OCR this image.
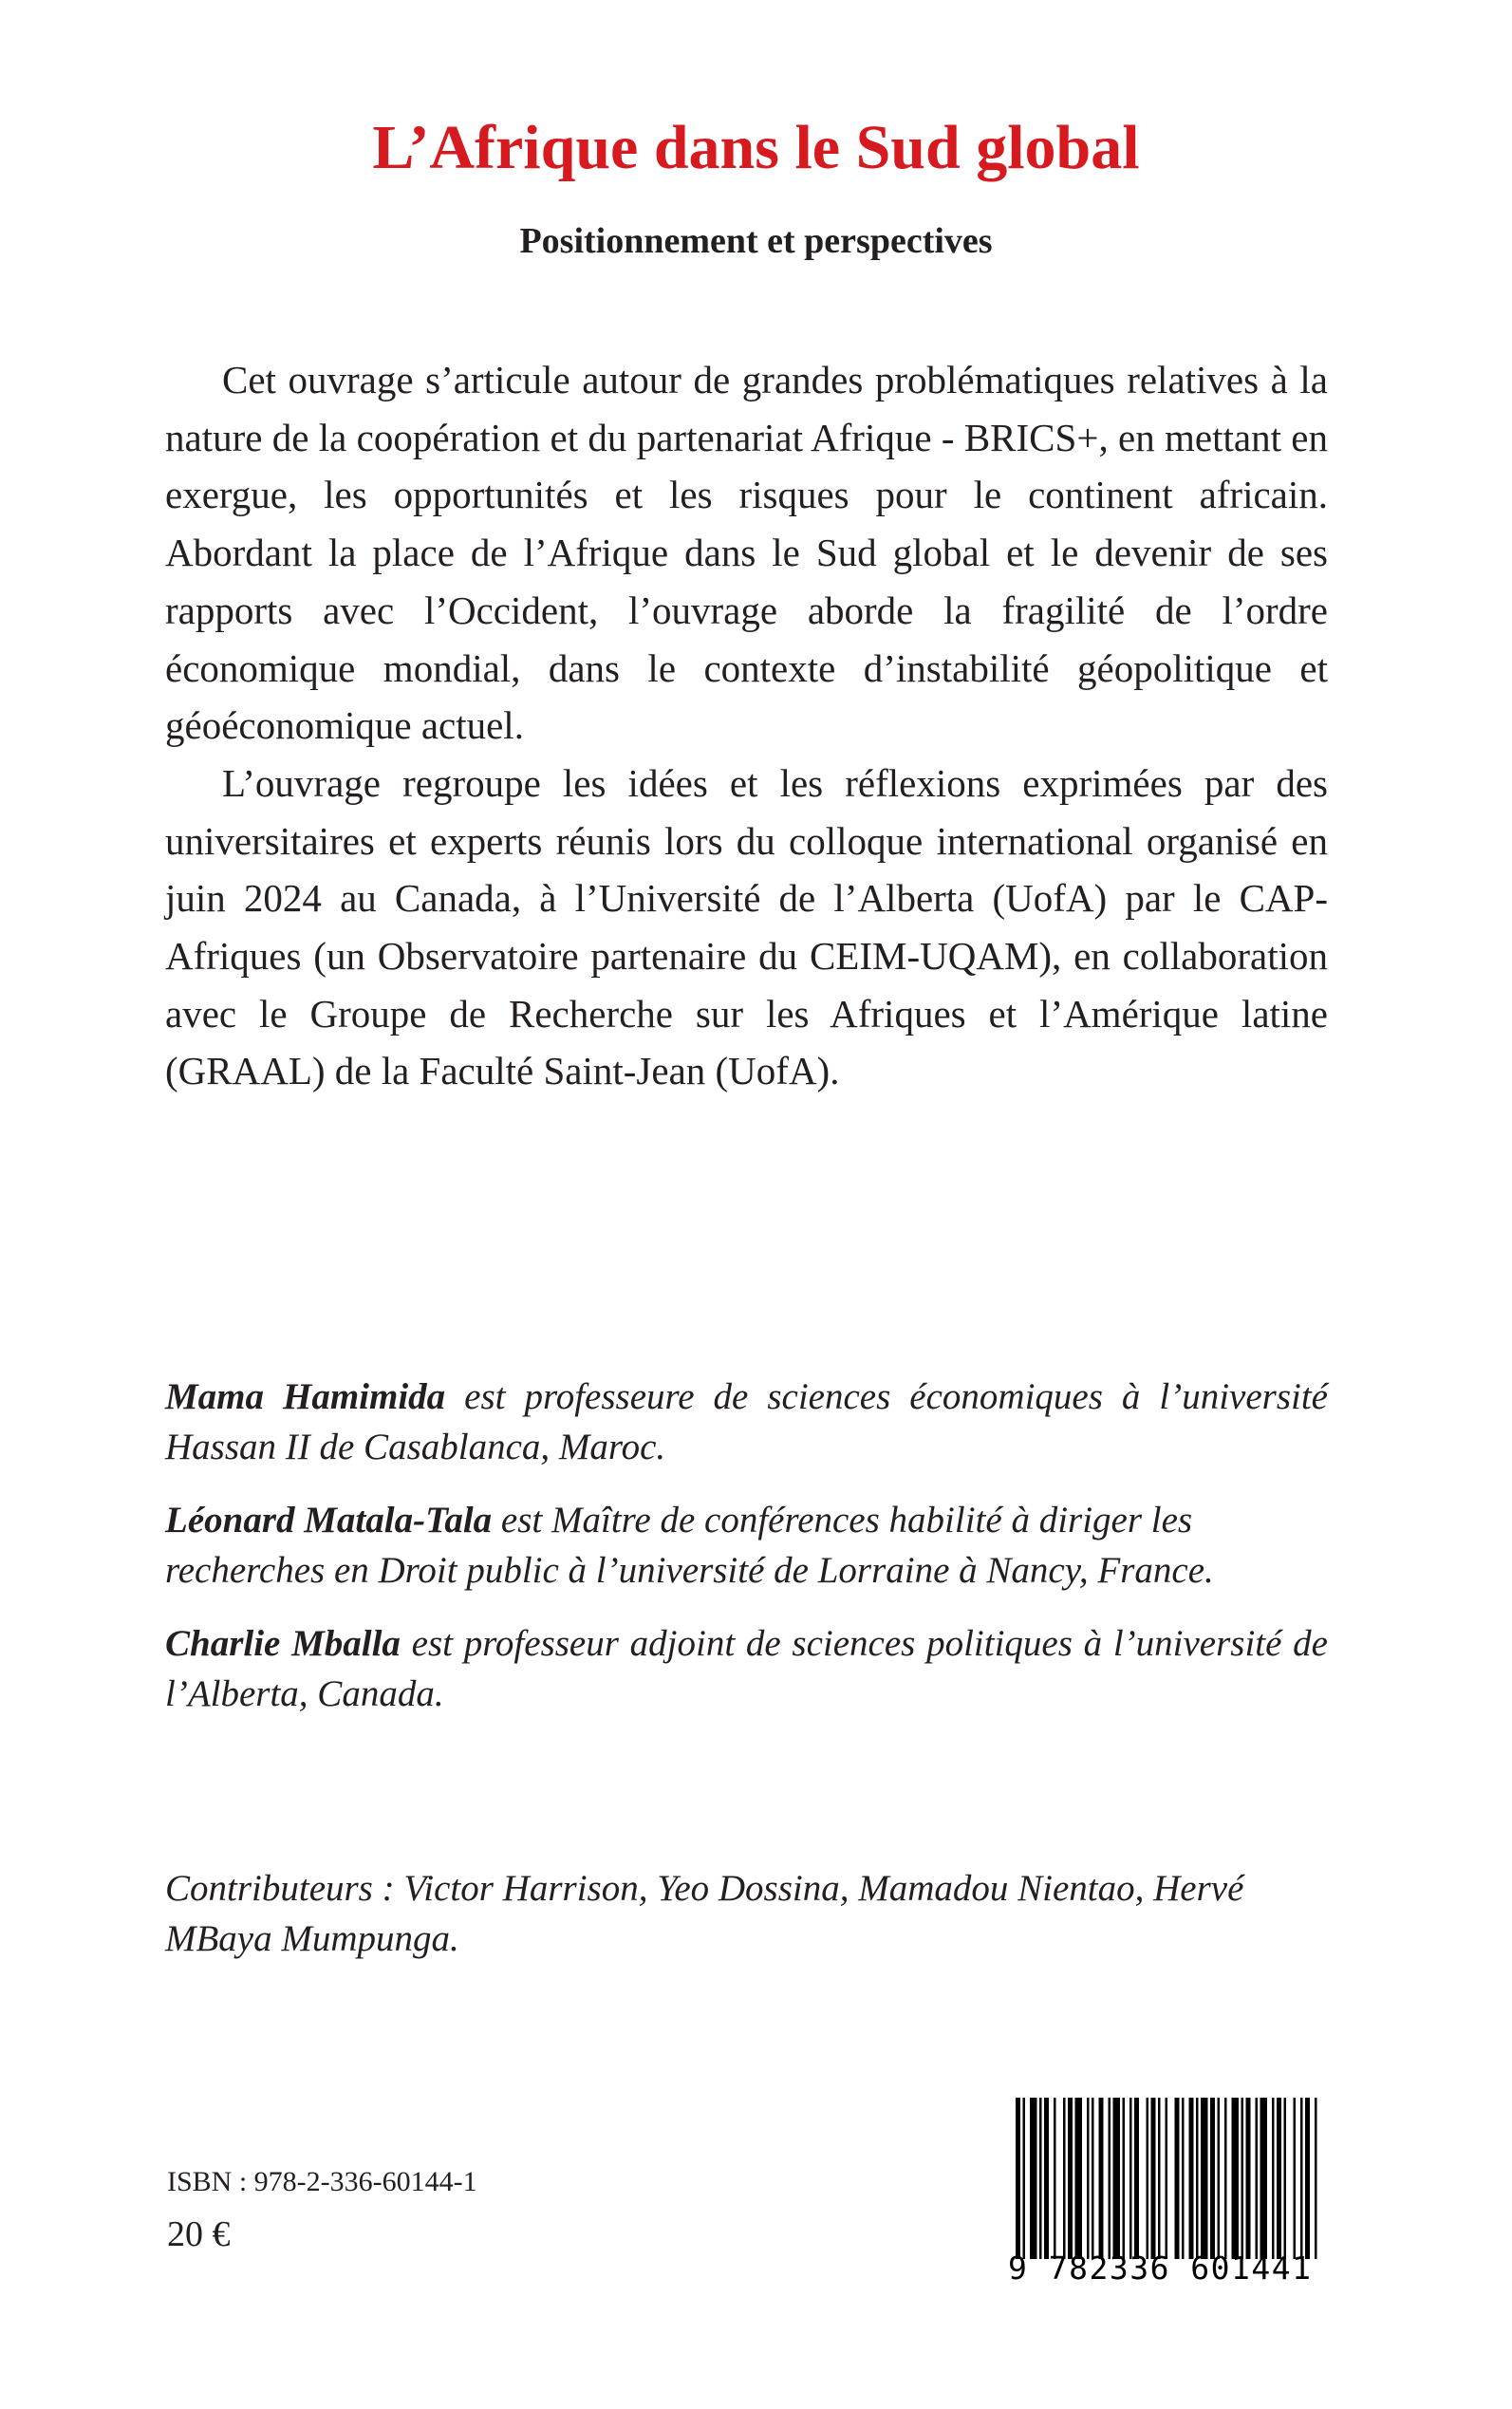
L’Afrique dans le Sud global
Positionnement et perspectives

Cet ouvrage s’articule autour de grandes problématiques relatives à la nature de la coopération et du partenariat Afrique - BRICS+, en mettant en exergue, les opportunités et les risques pour le continent africain. Abordant la place de l’Afrique dans le Sud global et le devenir de ses rapports avec l’Occident, l’ouvrage aborde la fragilité de l’ordre économique mondial, dans le contexte d’instabilité géopolitique et géoéconomique actuel.

L’ouvrage regroupe les idées et les réflexions exprimées par des universitaires et experts réunis lors du colloque international organisé en juin 2024 au Canada, à l’Université de l’Alberta (UofA) par le CAP-Afriques (un Observatoire partenaire du CEIM-UQAM), en collaboration avec le Groupe de Recherche sur les Afriques et l’Amérique latine (GRAAL) de la Faculté Saint-Jean (UofA).

Mama Hamimida est professeure de sciences économiques à l’université Hassan II de Casablanca, Maroc.

Léonard Matala-Tala est Maître de conférences habilité à diriger les recherches en Droit public à l’université de Lorraine à Nancy, France.

Charlie Mballa est professeur adjoint de sciences politiques à l’université de l’Alberta, Canada.

Contributeurs : Victor Harrison, Yeo Dossina, Mamadou Nientao, Hervé MBaya Mumpunga.
ISBN : 978-2-336-60144-1
20 €
9 782336 601441
